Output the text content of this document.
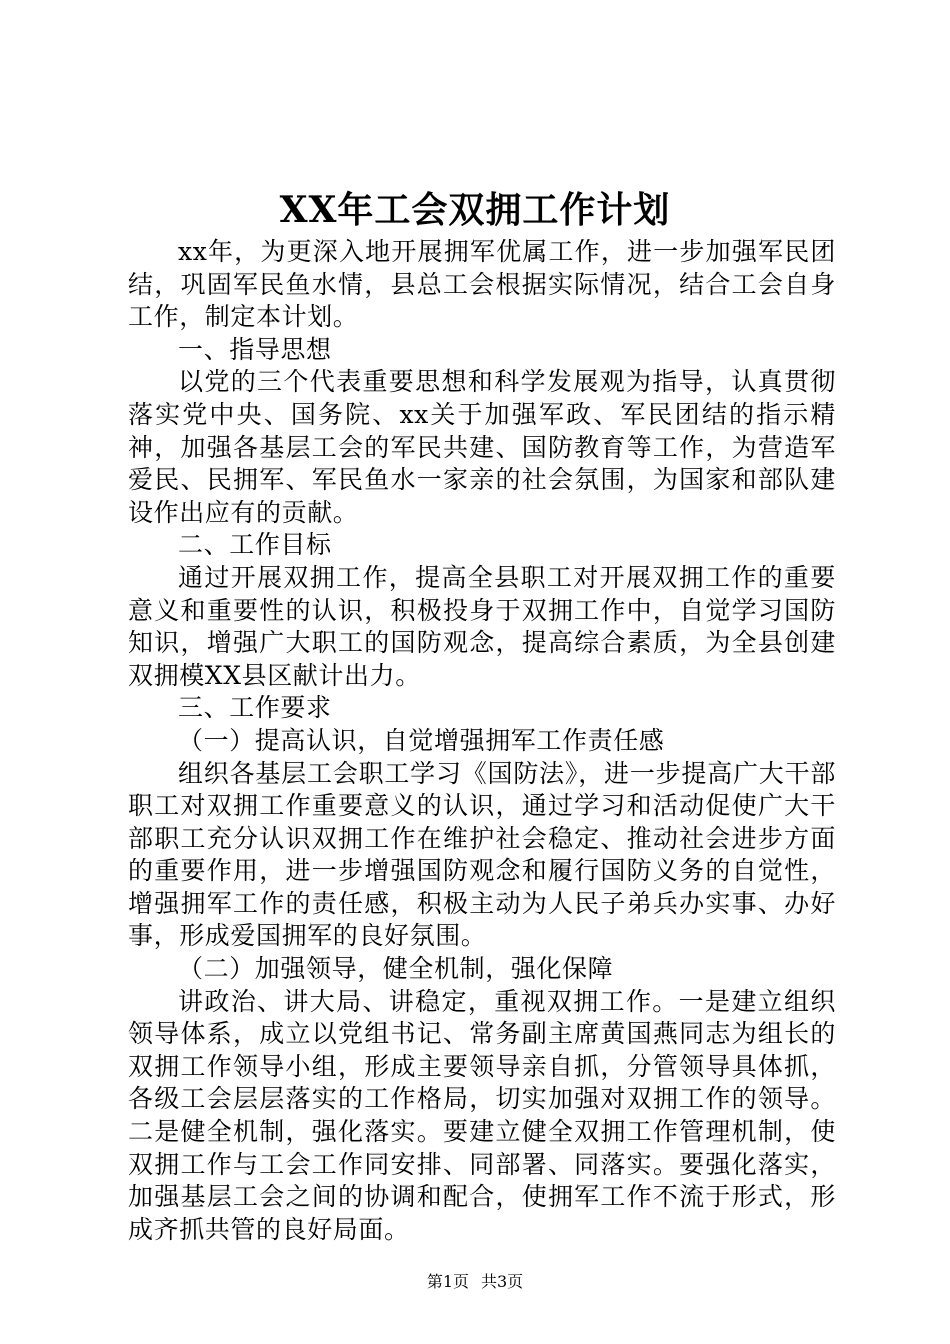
XX年工会双拥工作计划

xx年，为更深入地开展拥军优属工作，进一步加强军民团结，巩固军民鱼水情，县总工会根据实际情况，结合工会自身工作，制定本计划。

一、指导思想

以党的三个代表重要思想和科学发展观为指导，认真贯彻落实党中央、国务院、xx关于加强军政、军民团结的指示精神，加强各基层工会的军民共建、国防教育等工作，为营造军爱民、民拥军、军民鱼水一家亲的社会氛围，为国家和部队建设作出应有的贡献。

二、工作目标

通过开展双拥工作，提高全县职工对开展双拥工作的重要意义和重要性的认识，积极投身于双拥工作中，自觉学习国防知识，增强广大职工的国防观念，提高综合素质，为全县创建双拥模XX县区献计出力。

三、工作要求

（一）提高认识，自觉增强拥军工作责任感

组织各基层工会职工学习《国防法》，进一步提高广大干部职工对双拥工作重要意义的认识，通过学习和活动促使广大干部职工充分认识双拥工作在维护社会稳定、推动社会进步方面的重要作用，进一步增强国防观念和履行国防义务的自觉性，增强拥军工作的责任感，积极主动为人民子弟兵办实事、办好事，形成爱国拥军的良好氛围。

（二）加强领导，健全机制，强化保障

讲政治、讲大局、讲稳定，重视双拥工作。一是建立组织领导体系，成立以党组书记、常务副主席黄国燕同志为组长的双拥工作领导小组，形成主要领导亲自抓，分管领导具体抓，各级工会层层落实的工作格局，切实加强对双拥工作的领导。二是健全机制，强化落实。要建立健全双拥工作管理机制，使双拥工作与工会工作同安排、同部署、同落实。要强化落实，加强基层工会之间的协调和配合，使拥军工作不流于形式，形成齐抓共管的良好局面。

第1页 共3页
